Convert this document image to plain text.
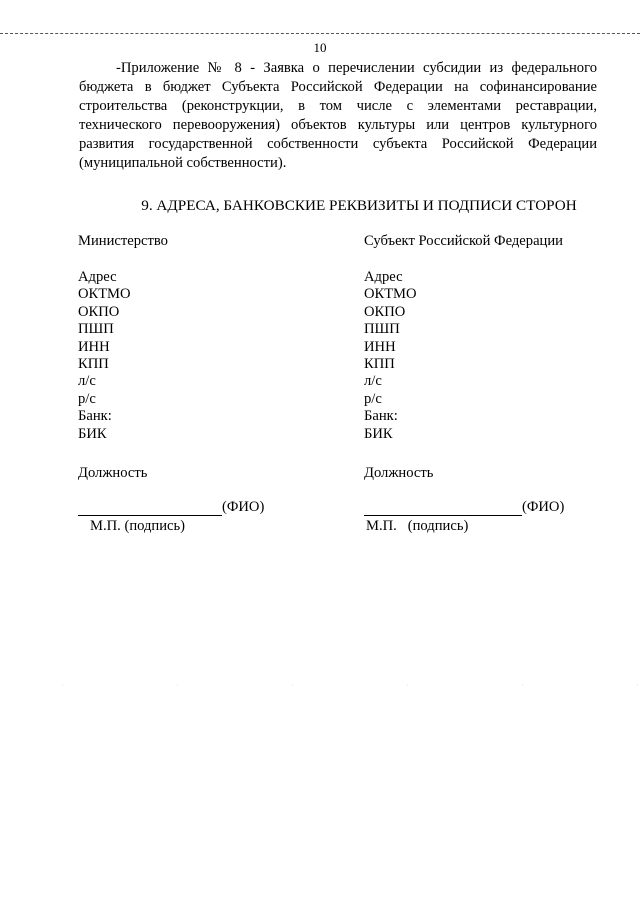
10
-Приложение № 8 - Заявка о перечислении субсидии из федерального бюджета в бюджет Субъекта Российской Федерации на софинансирование строительства (реконструкции, в том числе с элементами реставрации, технического перевооружения) объектов культуры или центров культурного развития государственной собственности субъекта Российской Федерации (муниципальной собственности).
9. АДРЕСА, БАНКОВСКИЕ РЕКВИЗИТЫ И ПОДПИСИ СТОРОН
Министерство
Адрес
ОКТМО
ОКПО
ПШП
ИНН
КПП
л/с
р/с
Банк:
БИК
Должность
(ФИО)
М.П. (подпись)
Субъект Российской Федерации
Адрес
ОКТМО
ОКПО
ПШП
ИНН
КПП
л/с
р/с
Банк:
БИК
Должность
(ФИО)
М.П.   (подпись)
